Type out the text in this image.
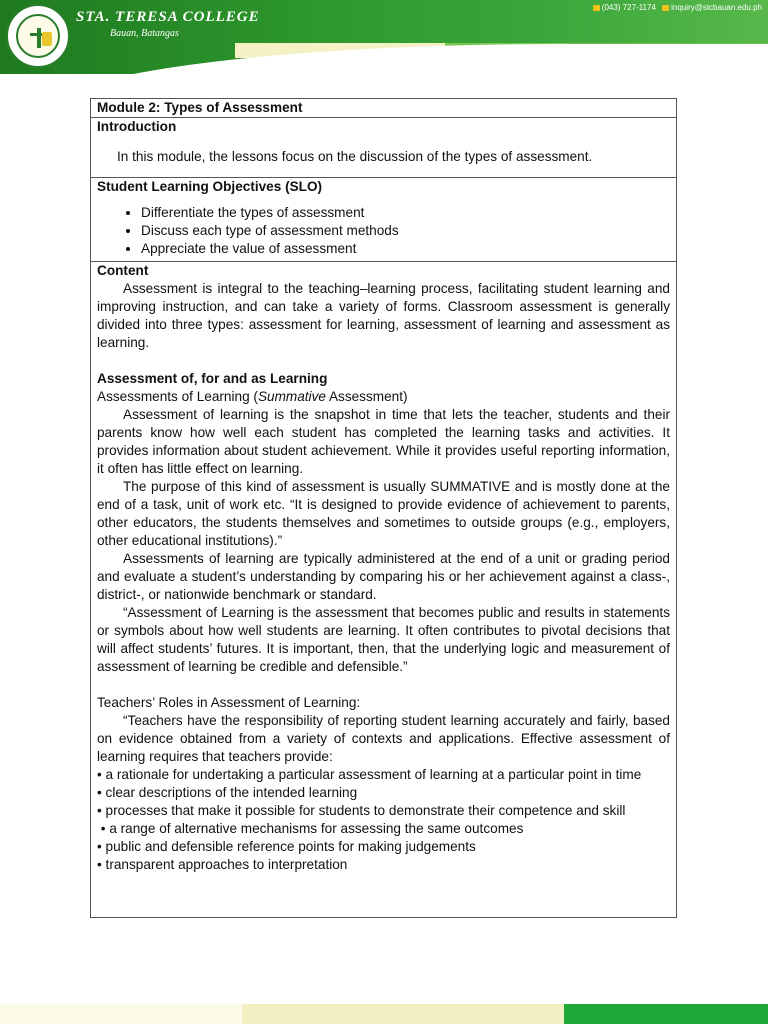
STA. TERESA COLLEGE
Bauan, Batangas
(043) 727-1174 inquiry@stcbauan.edu.ph
Module 2: Types of Assessment
Introduction
In this module, the lessons focus on the discussion of the types of assessment.
Student Learning Objectives (SLO)
• Differentiate the types of assessment
• Discuss each type of assessment methods
• Appreciate the value of assessment
Content
Assessment is integral to the teaching–learning process, facilitating student learning and improving instruction, and can take a variety of forms. Classroom assessment is generally divided into three types: assessment for learning, assessment of learning and assessment as learning.
Assessment of, for and as Learning
Assessments of Learning (Summative Assessment)
Assessment of learning is the snapshot in time that lets the teacher, students and their parents know how well each student has completed the learning tasks and activities. It provides information about student achievement. While it provides useful reporting information, it often has little effect on learning.
The purpose of this kind of assessment is usually SUMMATIVE and is mostly done at the end of a task, unit of work etc. “It is designed to provide evidence of achievement to parents, other educators, the students themselves and sometimes to outside groups (e.g., employers, other educational institutions).”
Assessments of learning are typically administered at the end of a unit or grading period and evaluate a student’s understanding by comparing his or her achievement against a class-, district-, or nationwide benchmark or standard.
“Assessment of Learning is the assessment that becomes public and results in statements or symbols about how well students are learning. It often contributes to pivotal decisions that will affect students’ futures. It is important, then, that the underlying logic and measurement of assessment of learning be credible and defensible.”
Teachers’ Roles in Assessment of Learning:
“Teachers have the responsibility of reporting student learning accurately and fairly, based on evidence obtained from a variety of contexts and applications. Effective assessment of learning requires that teachers provide:
• a rationale for undertaking a particular assessment of learning at a particular point in time
• clear descriptions of the intended learning
• processes that make it possible for students to demonstrate their competence and skill
• a range of alternative mechanisms for assessing the same outcomes
• public and defensible reference points for making judgements
• transparent approaches to interpretation
